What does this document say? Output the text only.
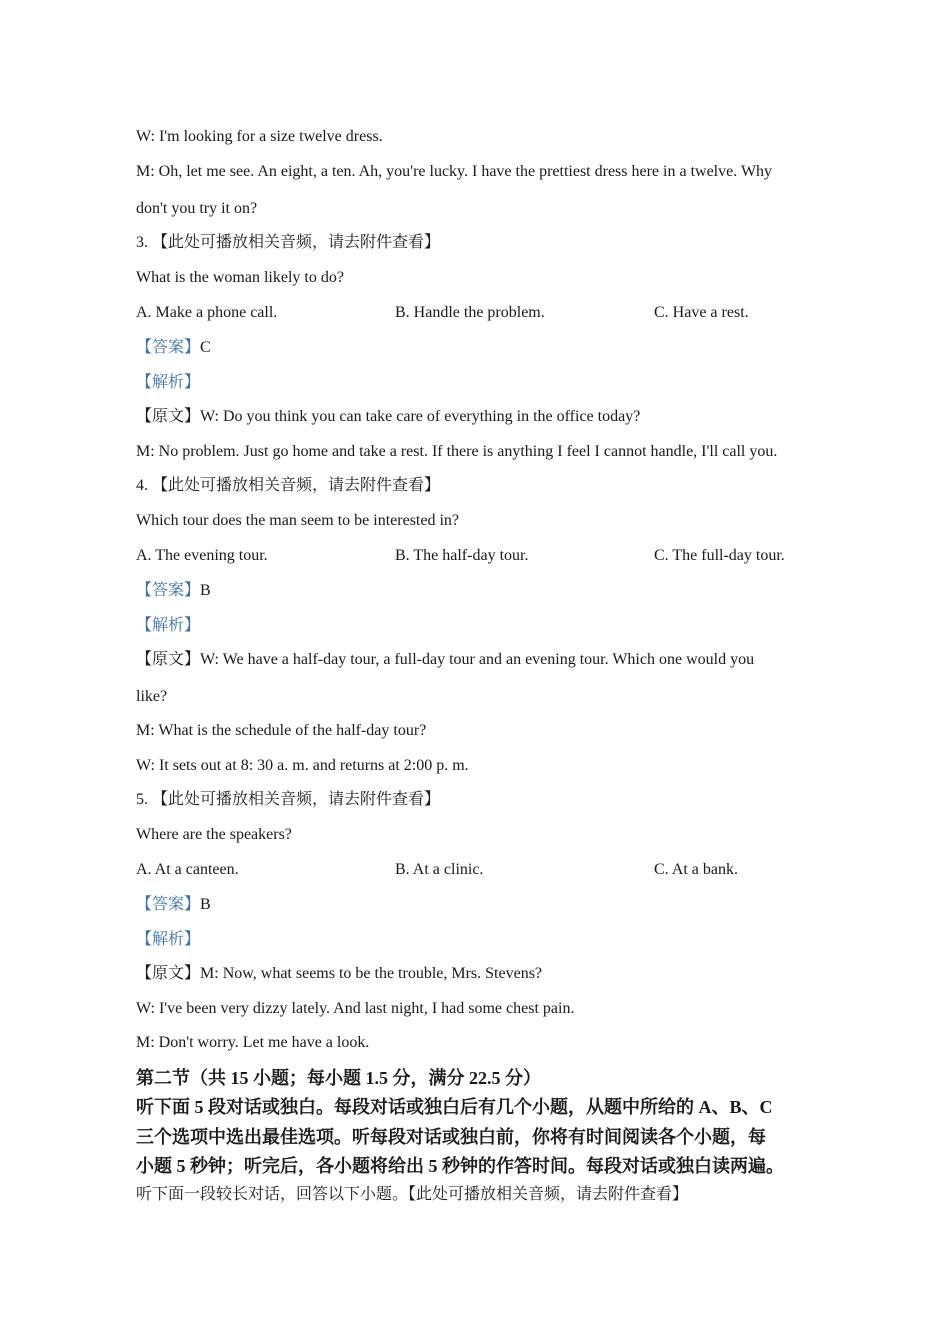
W: I'm looking for a size twelve dress.
M: Oh, let me see. An eight, a ten. Ah, you're lucky. I have the prettiest dress here in a twelve. Why
don't you try it on?
3. 【此处可播放相关音频，请去附件查看】
What is the woman likely to do?
A. Make a phone call.	B. Handle the problem.	C. Have a rest.
【答案】C
【解析】
【原文】W: Do you think you can take care of everything in the office today?
M: No problem. Just go home and take a rest. If there is anything I feel I cannot handle, I'll call you.
4. 【此处可播放相关音频，请去附件查看】
Which tour does the man seem to be interested in?
A. The evening tour.	B. The half-day tour.	C. The full-day tour.
【答案】B
【解析】
【原文】W: We have a half-day tour, a full-day tour and an evening tour. Which one would you
like?
M: What is the schedule of the half-day tour?
W: It sets out at 8: 30 a. m. and returns at 2:00 p. m.
5. 【此处可播放相关音频，请去附件查看】
Where are the speakers?
A. At a canteen.	B. At a clinic.	C. At a bank.
【答案】B
【解析】
【原文】M: Now, what seems to be the trouble, Mrs. Stevens?
W: I've been very dizzy lately. And last night, I had some chest pain.
M: Don't worry. Let me have a look.
第二节（共 15 小题；每小题 1.5 分，满分 22.5 分）
听下面 5 段对话或独白。每段对话或独白后有几个小题，从题中所给的 A、B、C
三个选项中选出最佳选项。听每段对话或独白前，你将有时间阅读各个小题，每
小题 5 秒钟；听完后，各小题将给出 5 秒钟的作答时间。每段对话或独白读两遍。
听下面一段较长对话，回答以下小题。【此处可播放相关音频，请去附件查看】
